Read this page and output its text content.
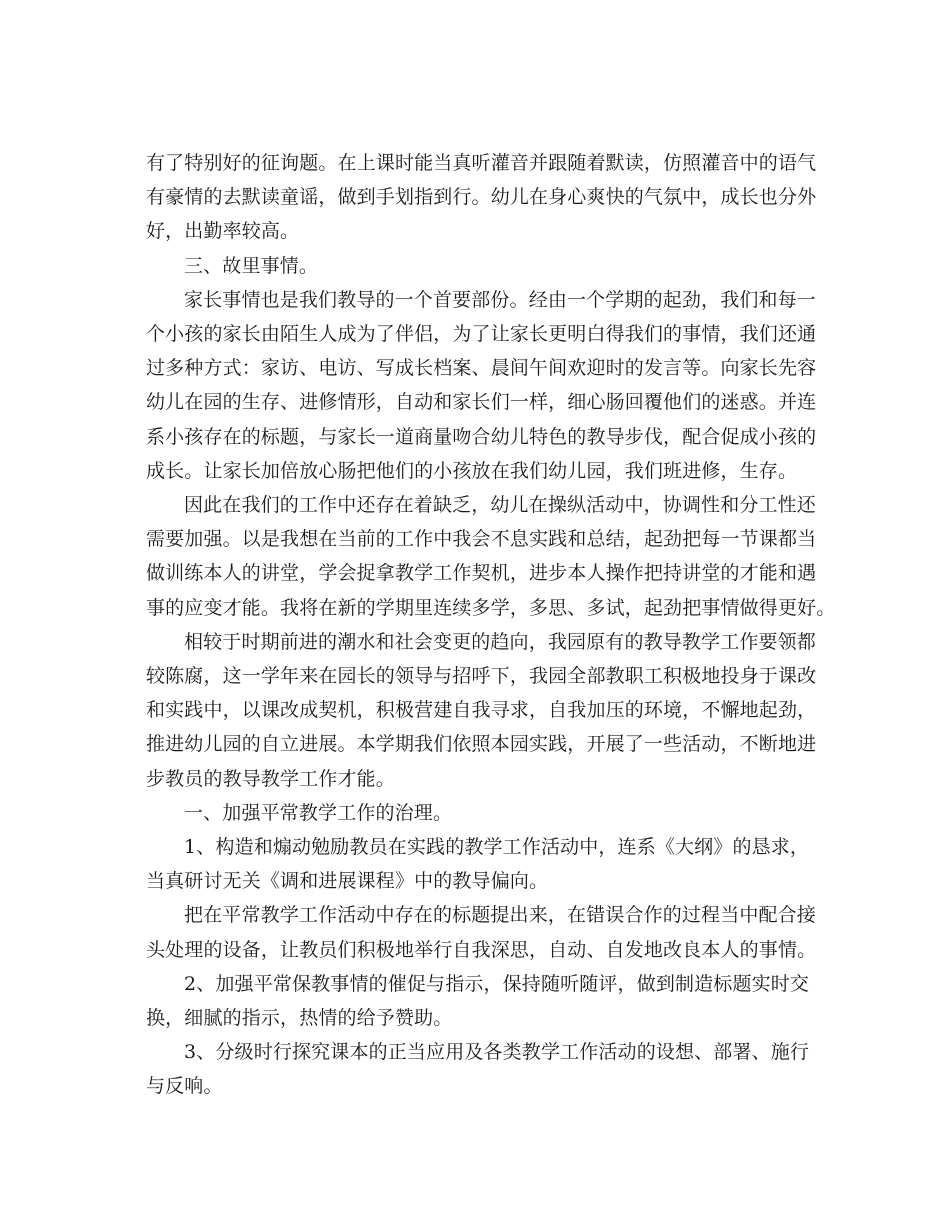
有了特别好的征询题。在上课时能当真听灌音并跟随着默读，仿照灌音中的语气
有豪情的去默读童谣，做到手划指到行。幼儿在身心爽快的气氛中，成长也分外
好，出勤率较高。
三、故里事情。
家长事情也是我们教导的一个首要部份。经由一个学期的起劲，我们和每一
个小孩的家长由陌生人成为了伴侣，为了让家长更明白得我们的事情，我们还通
过多种方式：家访、电访、写成长档案、晨间午间欢迎时的发言等。向家长先容
幼儿在园的生存、进修情形，自动和家长们一样，细心肠回覆他们的迷惑。并连
系小孩存在的标题，与家长一道商量吻合幼儿特色的教导步伐，配合促成小孩的
成长。让家长加倍放心肠把他们的小孩放在我们幼儿园，我们班进修，生存。
因此在我们的工作中还存在着缺乏，幼儿在操纵活动中，协调性和分工性还
需要加强。以是我想在当前的工作中我会不息实践和总结，起劲把每一节课都当
做训练本人的讲堂，学会捉拿教学工作契机，进步本人操作把持讲堂的才能和遇
事的应变才能。我将在新的学期里连续多学，多思、多试，起劲把事情做得更好。
相较于时期前进的潮水和社会变更的趋向，我园原有的教导教学工作要领都
较陈腐，这一学年来在园长的领导与招呼下，我园全部教职工积极地投身于课改
和实践中，以课改成契机，积极营建自我寻求，自我加压的环境，不懈地起劲，
推进幼儿园的自立进展。本学期我们依照本园实践，开展了一些活动，不断地进
步教员的教导教学工作才能。
一、加强平常教学工作的治理。
1、构造和煽动勉励教员在实践的教学工作活动中，连系《大纲》的恳求，
当真研讨无关《调和进展课程》中的教导偏向。
把在平常教学工作活动中存在的标题提出来，在错误合作的过程当中配合接
头处理的设备，让教员们积极地举行自我深思，自动、自发地改良本人的事情。
2、加强平常保教事情的催促与指示，保持随听随评，做到制造标题实时交
换，细腻的指示，热情的给予赞助。
3、分级时行探究课本的正当应用及各类教学工作活动的设想、部署、施行
与反响。
